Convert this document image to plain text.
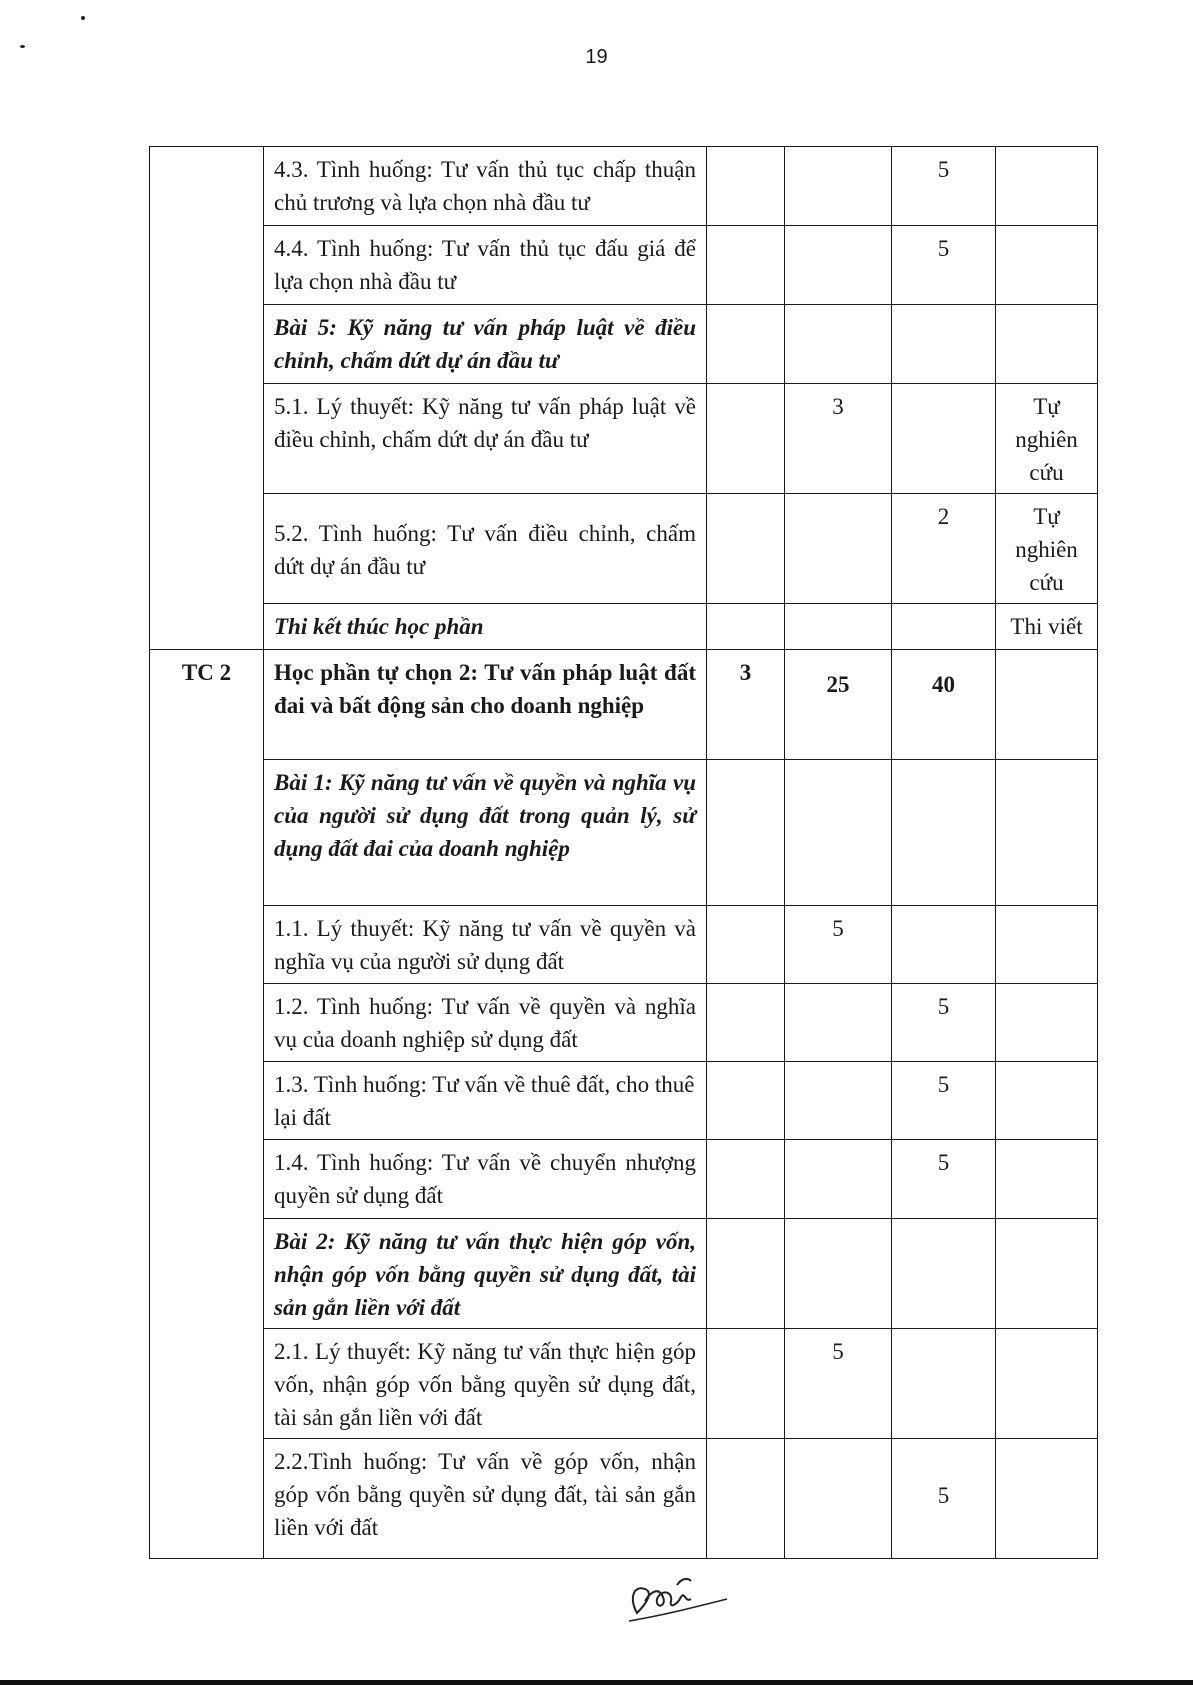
19
	4.3. Tình huống: Tư vấn thủ tục chấp thuận chủ trương và lựa chọn nhà đầu tư			5	
	4.4. Tình huống: Tư vấn thủ tục đấu giá để lựa chọn nhà đầu tư			5	
	Bài 5: Kỹ năng tư vấn pháp luật về điều chỉnh, chấm dứt dự án đầu tư				
	5.1. Lý thuyết: Kỹ năng tư vấn pháp luật về điều chỉnh, chấm dứt dự án đầu tư		3		Tự nghiên cứu
	5.2. Tình huống: Tư vấn điều chỉnh, chấm dứt dự án đầu tư			2	Tự nghiên cứu
	Thi kết thúc học phần				Thi viết
TC 2	Học phần tự chọn 2: Tư vấn pháp luật đất đai và bất động sản cho doanh nghiệp	3	25	40	
	Bài 1: Kỹ năng tư vấn về quyền và nghĩa vụ của người sử dụng đất trong quản lý, sử dụng đất đai của doanh nghiệp				
	1.1. Lý thuyết: Kỹ năng tư vấn về quyền và nghĩa vụ của người sử dụng đất		5		
	1.2. Tình huống: Tư vấn về quyền và nghĩa vụ của doanh nghiệp sử dụng đất			5	
	1.3. Tình huống: Tư vấn về thuê đất, cho thuê lại đất			5	
	1.4. Tình huống: Tư vấn về chuyển nhượng quyền sử dụng đất			5	
	Bài 2: Kỹ năng tư vấn thực hiện góp vốn, nhận góp vốn bằng quyền sử dụng đất, tài sản gắn liền với đất				
	2.1. Lý thuyết: Kỹ năng tư vấn thực hiện góp vốn, nhận góp vốn bằng quyền sử dụng đất, tài sản gắn liền với đất		5		
	2.2.Tình huống: Tư vấn về góp vốn, nhận góp vốn bằng quyền sử dụng đất, tài sản gắn liền với đất			5	
